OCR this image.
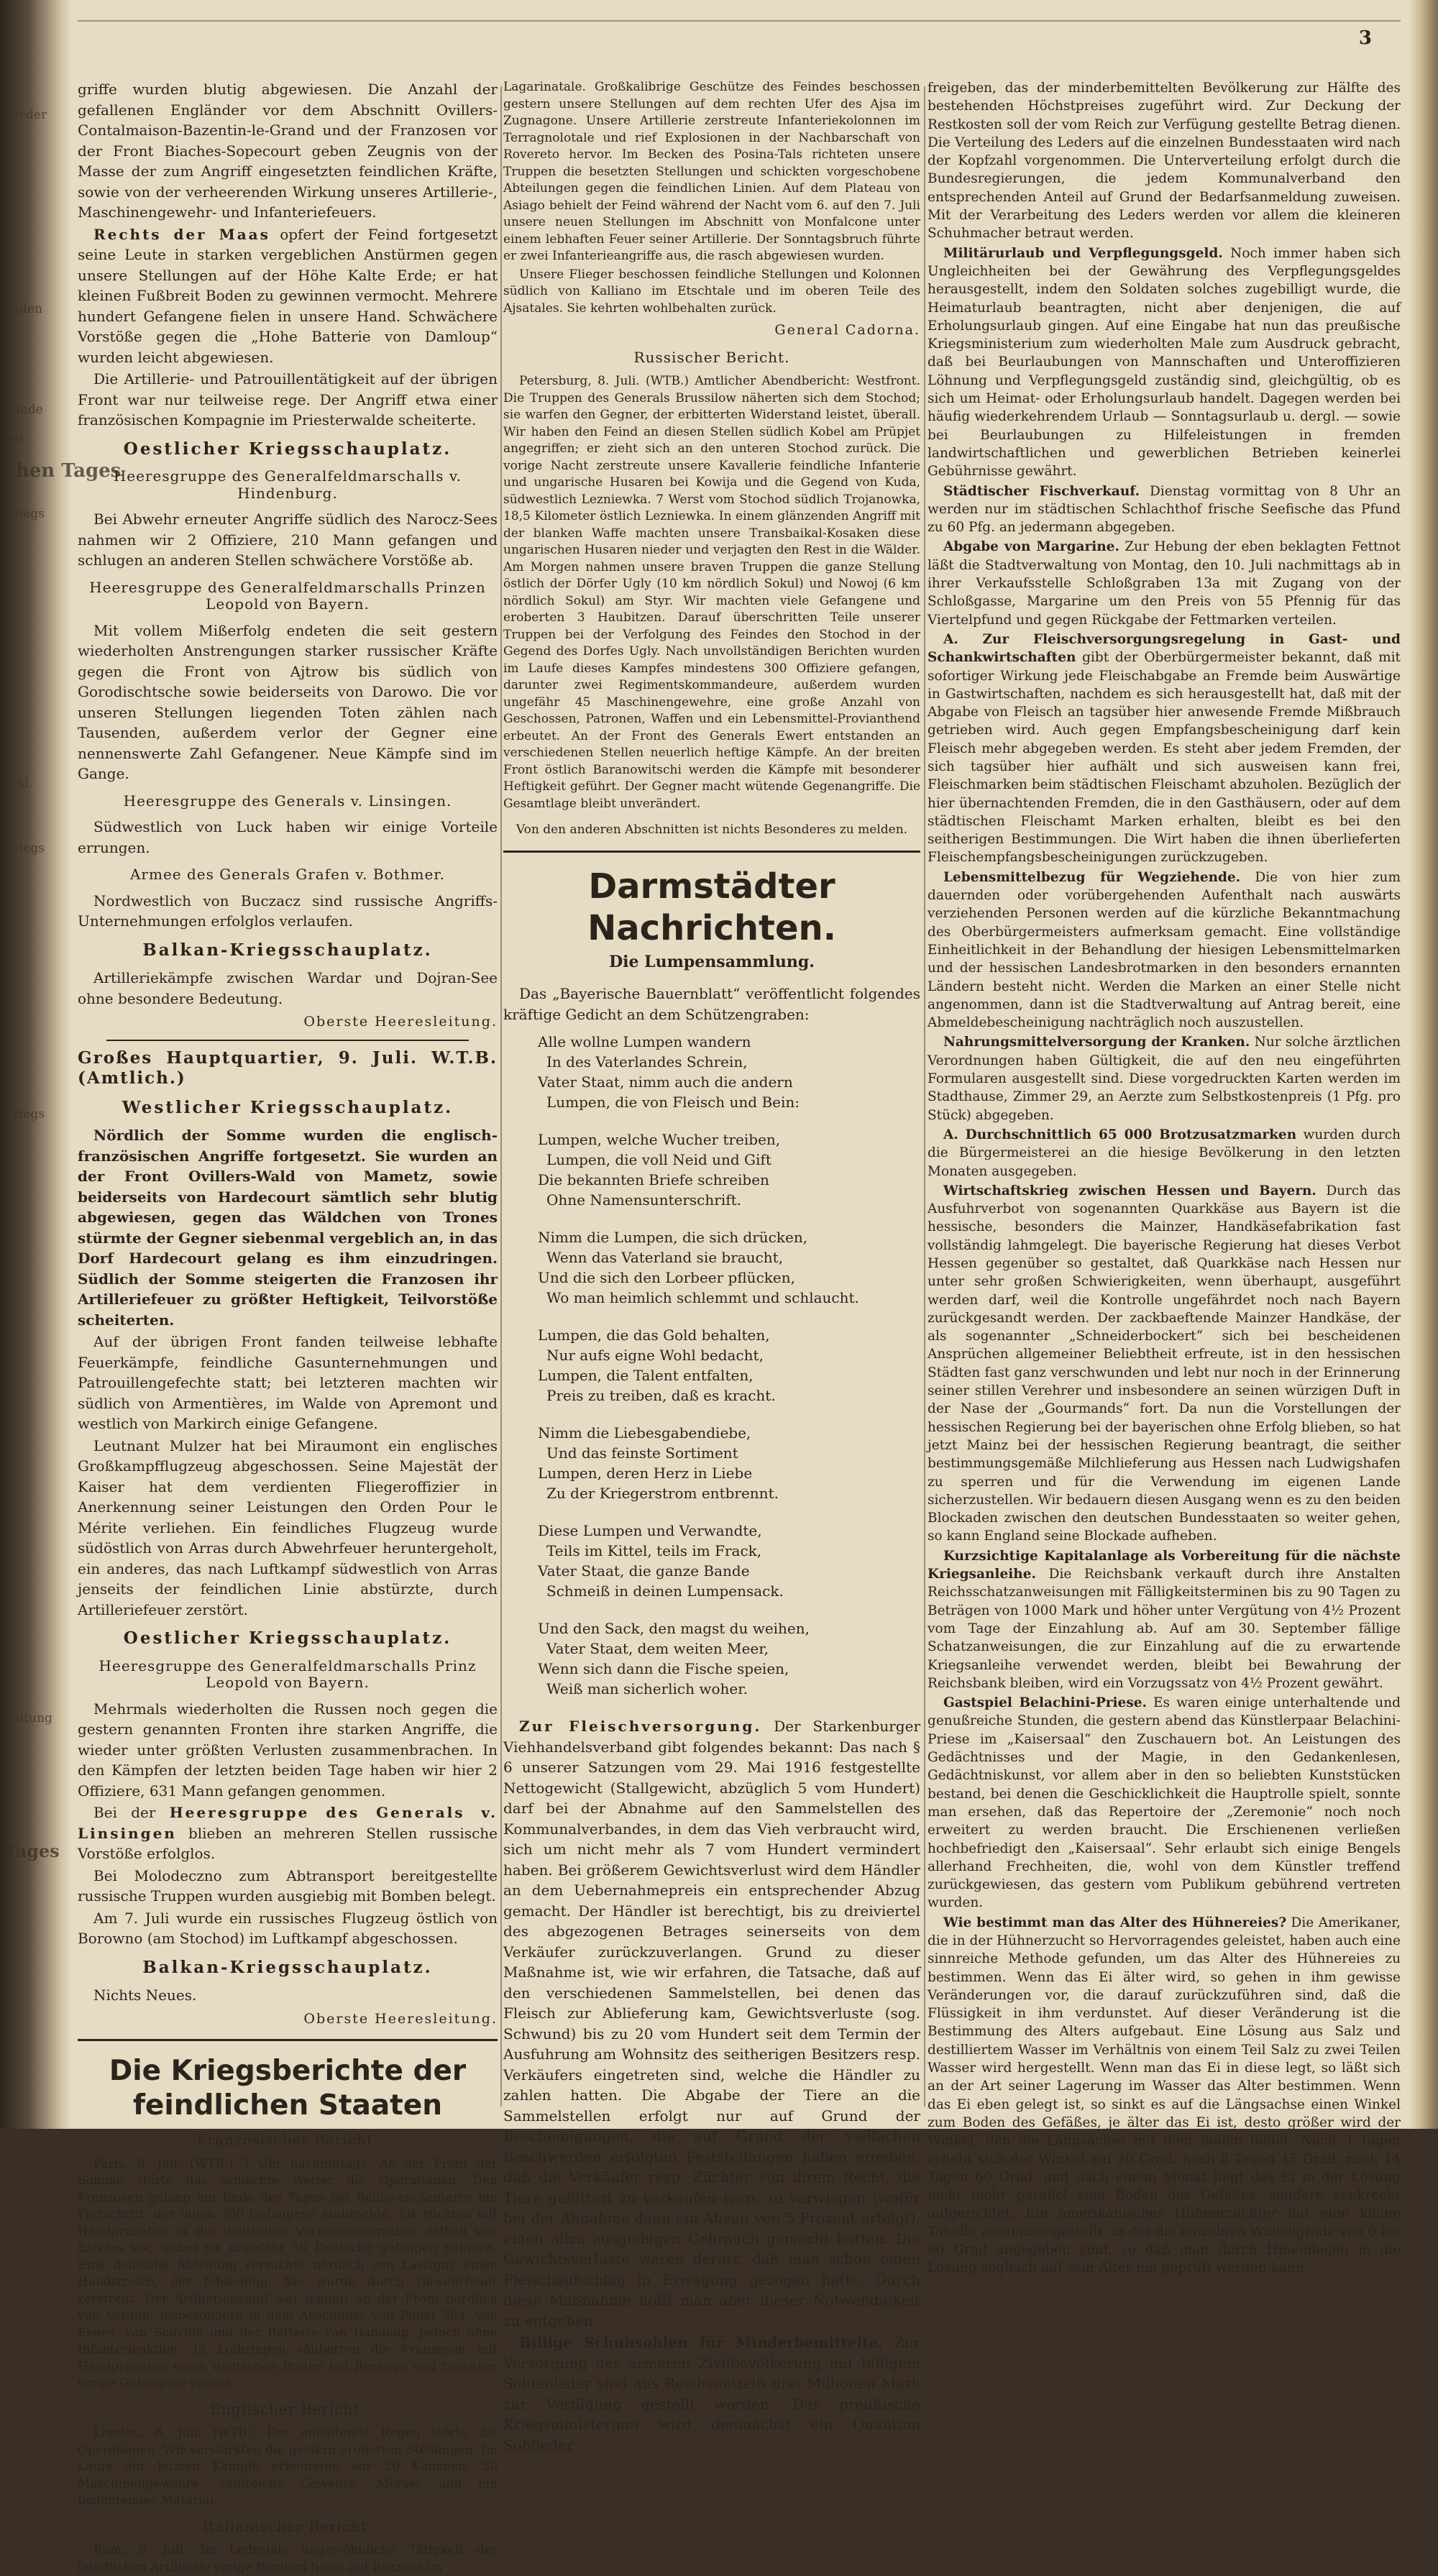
wieder
baden
feinde
bei
chen Tages
Kriegs
erkl.
Kriegs
Kriegs
Zeitung
Tages
3

griffe wurden blutig abgewiesen. Die Anzahl der gefallenen Engländer vor dem Abschnitt Ovillers-Contalmaison-Bazentin-le-Grand und der Franzosen vor der Front Biaches-Sopecourt geben Zeugnis von der Masse der zum Angriff eingesetzten feindlichen Kräfte, sowie von der verheerenden Wirkung unseres Artillerie-, Maschinengewehr- und Infanteriefeuers.

Rechts der Maas opfert der Feind fortgesetzt seine Leute in starken vergeblichen Anstürmen gegen unsere Stellungen auf der Höhe Kalte Erde; er hat kleinen Fußbreit Boden zu gewinnen vermocht. Mehrere hundert Gefangene fielen in unsere Hand. Schwächere Vorstöße gegen die „Hohe Batterie von Damloup“ wurden leicht abgewiesen.

Die Artillerie- und Patrouillentätigkeit auf der übrigen Front war nur teilweise rege. Der Angriff etwa einer französischen Kompagnie im Priesterwalde scheiterte.

Oestlicher Kriegsschauplatz.
Heeresgruppe des Generalfeldmarschalls v. Hindenburg.

Bei Abwehr erneuter Angriffe südlich des Narocz-Sees nahmen wir 2 Offiziere, 210 Mann gefangen und schlugen an anderen Stellen schwächere Vorstöße ab.

Heeresgruppe des Generalfeldmarschalls Prinzen Leopold von Bayern.

Mit vollem Mißerfolg endeten die seit gestern wiederholten Anstrengungen starker russischer Kräfte gegen die Front von Ajtrow bis südlich von Gorodischtsche sowie beiderseits von Darowo. Die vor unseren Stellungen liegenden Toten zählen nach Tausenden, außerdem verlor der Gegner eine nennenswerte Zahl Gefangener. Neue Kämpfe sind im Gange.

Heeresgruppe des Generals v. Linsingen.

Südwestlich von Luck haben wir einige Vorteile errungen.

Armee des Generals Grafen v. Bothmer.

Nordwestlich von Buczacz sind russische Angriffs-Unternehmungen erfolglos verlaufen.

Balkan-Kriegsschauplatz.

Artilleriekämpfe zwischen Wardar und Dojran-See ohne besondere Bedeutung.

Oberste Heeresleitung.
Großes Hauptquartier, 9. Juli. W.T.B. (Amtlich.)
Westlicher Kriegsschauplatz.

Nördlich der Somme wurden die englisch-französischen Angriffe fortgesetzt. Sie wurden an der Front Ovillers-Wald von Mametz, sowie beiderseits von Hardecourt sämtlich sehr blutig abgewiesen, gegen das Wäldchen von Trones stürmte der Gegner siebenmal vergeblich an, in das Dorf Hardecourt gelang es ihm einzudringen. Südlich der Somme steigerten die Franzosen ihr Artilleriefeuer zu größter Heftigkeit, Teilvorstöße scheiterten.

Auf der übrigen Front fanden teilweise lebhafte Feuerkämpfe, feindliche Gasunternehmungen und Patrouillengefechte statt; bei letzteren machten wir südlich von Armentières, im Walde von Apremont und westlich von Markirch einige Gefangene.

Leutnant Mulzer hat bei Miraumont ein englisches Großkampfflugzeug abgeschossen. Seine Majestät der Kaiser hat dem verdienten Fliegeroffizier in Anerkennung seiner Leistungen den Orden Pour le Mérite verliehen. Ein feindliches Flugzeug wurde südöstlich von Arras durch Abwehrfeuer heruntergeholt, ein anderes, das nach Luftkampf südwestlich von Arras jenseits der feindlichen Linie abstürzte, durch Artilleriefeuer zerstört.

Oestlicher Kriegsschauplatz.
Heeresgruppe des Generalfeldmarschalls Prinz Leopold von Bayern.

Mehrmals wiederholten die Russen noch gegen die gestern genannten Fronten ihre starken Angriffe, die wieder unter größten Verlusten zusammenbrachen. In den Kämpfen der letzten beiden Tage haben wir hier 2 Offiziere, 631 Mann gefangen genommen.

Bei der Heeresgruppe des Generals v. Linsingen blieben an mehreren Stellen russische Vorstöße erfolglos.

Bei Molodeczno zum Abtransport bereitgestellte russische Truppen wurden ausgiebig mit Bomben belegt.

Am 7. Juli wurde ein russisches Flugzeug östlich von Borowno (am Stochod) im Luftkampf abgeschossen.

Balkan-Kriegsschauplatz.

Nichts Neues.

Oberste Heeresleitung.
Die Kriegsberichte der feindlichen Staaten
Französischer Bericht.

Paris, 8. Juli. (WTB.) 3 Uhr nachmittags. An der Front der Somme störte das schlechte Wetter die Operationen. Den Franzosen gelang am Ende des Tages bei Belloy-en-Santerre ein Fortschritt, der ihnen 350 Gefangene einbrachte. Sie rückten mit Handgranaten in die deutschen Verbindungsgräben östlich von Estrées vor, wobei sie ungefähr 50 Deutsche gefangen nahmen. Eine deutsche Abteilung versuchte nördlich von Lassigny einen Handstreich, der fehlschlug. Sie wurde durch Gewehrfeuer zerstreut. Der Artilleriekampf war lebhaft an der Front nördlich von Verdun, insbesondere in dem Abschnitte von Punkt 304, von Esnes, von Souville und der Batterie von Damloup, jedoch ohne Infanterieaktion. In Lothringen säuberten die Franzosen mit Handgranaten einen deutschen Posten bei Bezange und brachten einige Gefangene zurück.

Englischer Bericht.

London, 8. Juli. (WTB.) Der anhaltende Regen störte die Operationen. Wir verstärkten die gestern eroberten Stellungen. Im Laufe der letzten Kämpfe erbeuteten wir 20 Kanonen, 50 Maschinengewehre, zahlreiche Gewehre, Mörser und ein bedeutendes Material.

Italienischer Bericht.

Rom, 8. Juli. Im Ledrotale ungewöhnliche Tätigkeit der feindlichen Artillerie; einige Bomben fielen auf Bezzeca im

Lagarinatale. Großkalibrige Geschütze des Feindes beschossen gestern unsere Stellungen auf dem rechten Ufer des Ajsa im Zugnagone. Unsere Artillerie zerstreute Infanteriekolonnen im Terragnolotale und rief Explosionen in der Nachbarschaft von Rovereto hervor. Im Becken des Posina-Tals richteten unsere Truppen die besetzten Stellungen und schickten vorgeschobene Abteilungen gegen die feindlichen Linien. Auf dem Plateau von Asiago behielt der Feind während der Nacht vom 6. auf den 7. Juli unsere neuen Stellungen im Abschnitt von Monfalcone unter einem lebhaften Feuer seiner Artillerie. Der Sonntagsbruch führte er zwei Infanterieangriffe aus, die rasch abgewiesen wurden.

Unsere Flieger beschossen feindliche Stellungen und Kolonnen südlich von Kalliano im Etschtale und im oberen Teile des Ajsatales. Sie kehrten wohlbehalten zurück.

General Cadorna.
Russischer Bericht.

Petersburg, 8. Juli. (WTB.) Amtlicher Abendbericht: Westfront. Die Truppen des Generals Brussilow näherten sich dem Stochod; sie warfen den Gegner, der erbitterten Widerstand leistet, überall. Wir haben den Feind an diesen Stellen südlich Kobel am Prüpjet angegriffen; er zieht sich an den unteren Stochod zurück. Die vorige Nacht zerstreute unsere Kavallerie feindliche Infanterie und ungarische Husaren bei Kowija und die Gegend von Kuda, südwestlich Lezniewka. 7 Werst vom Stochod südlich Trojanowka, 18,5 Kilometer östlich Lezniewka. In einem glänzenden Angriff mit der blanken Waffe machten unsere Transbaikal-Kosaken diese ungarischen Husaren nieder und verjagten den Rest in die Wälder. Am Morgen nahmen unsere braven Truppen die ganze Stellung östlich der Dörfer Ugly (10 km nördlich Sokul) und Nowoj (6 km nördlich Sokul) am Styr. Wir machten viele Gefangene und eroberten 3 Haubitzen. Darauf überschritten Teile unserer Truppen bei der Verfolgung des Feindes den Stochod in der Gegend des Dorfes Ugly. Nach unvollständigen Berichten wurden im Laufe dieses Kampfes mindestens 300 Offiziere gefangen, darunter zwei Regimentskommandeure, außerdem wurden ungefähr 45 Maschinengewehre, eine große Anzahl von Geschossen, Patronen, Waffen und ein Lebensmittel-Provianthend erbeutet. An der Front des Generals Ewert entstanden an verschiedenen Stellen neuerlich heftige Kämpfe. An der breiten Front östlich Baranowitschi werden die Kämpfe mit besonderer Heftigkeit geführt. Der Gegner macht wütende Gegenangriffe. Die Gesamtlage bleibt unverändert.

Von den anderen Abschnitten ist nichts Besonderes zu melden.
Darmstädter Nachrichten.
Die Lumpensammlung.

Das „Bayerische Bauernblatt“ veröffentlicht folgendes kräftige Gedicht an dem Schützengraben:

Alle wollne Lumpen wandern
In des Vaterlandes Schrein,
Vater Staat, nimm auch die andern
Lumpen, die von Fleisch und Bein:
Lumpen, welche Wucher treiben,
Lumpen, die voll Neid und Gift
Die bekannten Briefe schreiben
Ohne Namensunterschrift.
Nimm die Lumpen, die sich drücken,
Wenn das Vaterland sie braucht,
Und die sich den Lorbeer pflücken,
Wo man heimlich schlemmt und schlaucht.
Lumpen, die das Gold behalten,
Nur aufs eigne Wohl bedacht,
Lumpen, die Talent entfalten,
Preis zu treiben, daß es kracht.
Nimm die Liebesgabendiebe,
Und das feinste Sortiment
Lumpen, deren Herz in Liebe
Zu der Kriegerstrom entbrennt.
Diese Lumpen und Verwandte,
Teils im Kittel, teils im Frack,
Vater Staat, die ganze Bande
Schmeiß in deinen Lumpensack.
Und den Sack, den magst du weihen,
Vater Staat, dem weiten Meer,
Wenn sich dann die Fische speien,
Weiß man sicherlich woher.

Zur Fleischversorgung. Der Starkenburger Viehhandelsverband gibt folgendes bekannt: Das nach § 6 unserer Satzungen vom 29. Mai 1916 festgestellte Nettogewicht (Stallgewicht, abzüglich 5 vom Hundert) darf bei der Abnahme auf den Sammelstellen des Kommunalverbandes, in dem das Vieh verbraucht wird, sich um nicht mehr als 7 vom Hundert vermindert haben. Bei größerem Gewichtsverlust wird dem Händler an dem Uebernahmepreis ein entsprechender Abzug gemacht. Der Händler ist berechtigt, bis zu dreiviertel des abgezogenen Betrages seinerseits von dem Verkäufer zurückzuverlangen. Grund zu dieser Maßnahme ist, wie wir erfahren, die Tatsache, daß auf den verschiedenen Sammelstellen, bei denen das Fleisch zur Ablieferung kam, Gewichtsverluste (sog. Schwund) bis zu 20 vom Hundert seit dem Termin der Ausfuhrung am Wohnsitz des seitherigen Besitzers resp. Verkäufers eingetreten sind, welche die Händler zu zahlen hatten. Die Abgabe der Tiere an die Sammelstellen erfolgt nur auf Grund der Bescheinigungen, die auf Grund der vielfachen Beschwerden erfolgten Feststellungen haben ergeben, daß die Verkäufer resp. Züchter von ihrem Recht, die Tiere gefüttert zu verkaufen resp. zu verwiegen (wofür bei der Abnahme dann ein Abzug von 5 Prozent erfolgt), einen allzu ausgiebigen Gebrauch gemacht hatten. Die Gewichtsverluste waren derart, daß man schon einen Fleischaufschlag in Erwägung gezogen hatte. Durch diese Maßnahme hofft man aber dieser Notwendigkeit zu entgehen.

Billige Schuhsohlen für Minderbemittelte. Zur Versorgung der ärmeren Zivilbevölkerung mit billigem Sohlenleder sind aus Reichsmitteln drei Millionen Mark zur Verfügung gestellt worden. Das preußische Kriegsministerium wird demnächst ein Quantum Sohlleder

freigeben, das der minderbemittelten Bevölkerung zur Hälfte des bestehenden Höchstpreises zugeführt wird. Zur Deckung der Restkosten soll der vom Reich zur Verfügung gestellte Betrag dienen. Die Verteilung des Leders auf die einzelnen Bundesstaaten wird nach der Kopfzahl vorgenommen. Die Unterverteilung erfolgt durch die Bundesregierungen, die jedem Kommunalverband den entsprechenden Anteil auf Grund der Bedarfsanmeldung zuweisen. Mit der Verarbeitung des Leders werden vor allem die kleineren Schuhmacher betraut werden.

Militärurlaub und Verpflegungsgeld. Noch immer haben sich Ungleichheiten bei der Gewährung des Verpflegungsgeldes herausgestellt, indem den Soldaten solches zugebilligt wurde, die Heimaturlaub beantragten, nicht aber denjenigen, die auf Erholungsurlaub gingen. Auf eine Eingabe hat nun das preußische Kriegsministerium zum wiederholten Male zum Ausdruck gebracht, daß bei Beurlaubungen von Mannschaften und Unteroffizieren Löhnung und Verpflegungsgeld zuständig sind, gleichgültig, ob es sich um Heimat- oder Erholungsurlaub handelt. Dagegen werden bei häufig wiederkehrendem Urlaub — Sonntagsurlaub u. dergl. — sowie bei Beurlaubungen zu Hilfeleistungen in fremden landwirtschaftlichen und gewerblichen Betrieben keinerlei Gebührnisse gewährt.

Städtischer Fischverkauf. Dienstag vormittag von 8 Uhr an werden nur im städtischen Schlachthof frische Seefische das Pfund zu 60 Pfg. an jedermann abgegeben.

Abgabe von Margarine. Zur Hebung der eben beklagten Fettnot läßt die Stadtverwaltung von Montag, den 10. Juli nachmittags ab in ihrer Verkaufsstelle Schloßgraben 13a mit Zugang von der Schloßgasse, Margarine um den Preis von 55 Pfennig für das Viertelpfund und gegen Rückgabe der Fettmarken verteilen.

A. Zur Fleischversorgungsregelung in Gast- und Schankwirtschaften gibt der Oberbürgermeister bekannt, daß mit sofortiger Wirkung jede Fleischabgabe an Fremde beim Auswärtige in Gastwirtschaften, nachdem es sich herausgestellt hat, daß mit der Abgabe von Fleisch an tagsüber hier anwesende Fremde Mißbrauch getrieben wird. Auch gegen Empfangsbescheinigung darf kein Fleisch mehr abgegeben werden. Es steht aber jedem Fremden, der sich tagsüber hier aufhält und sich ausweisen kann frei, Fleischmarken beim städtischen Fleischamt abzuholen. Bezüglich der hier übernachtenden Fremden, die in den Gasthäusern, oder auf dem städtischen Fleischamt Marken erhalten, bleibt es bei den seitherigen Bestimmungen. Die Wirt haben die ihnen überlieferten Fleischempfangsbescheinigungen zurückzugeben.

Lebensmittelbezug für Wegziehende. Die von hier zum dauernden oder vorübergehenden Aufenthalt nach auswärts verziehenden Personen werden auf die kürzliche Bekanntmachung des Oberbürgermeisters aufmerksam gemacht. Eine vollständige Einheitlichkeit in der Behandlung der hiesigen Lebensmittelmarken und der hessischen Landesbrotmarken in den besonders ernannten Ländern besteht nicht. Werden die Marken an einer Stelle nicht angenommen, dann ist die Stadtverwaltung auf Antrag bereit, eine Abmeldebescheinigung nachträglich noch auszustellen.

Nahrungsmittelversorgung der Kranken. Nur solche ärztlichen Verordnungen haben Gültigkeit, die auf den neu eingeführten Formularen ausgestellt sind. Diese vorgedruckten Karten werden im Stadthause, Zimmer 29, an Aerzte zum Selbstkostenpreis (1 Pfg. pro Stück) abgegeben.

A. Durchschnittlich 65 000 Brotzusatzmarken wurden durch die Bürgermeisterei an die hiesige Bevölkerung in den letzten Monaten ausgegeben.

Wirtschaftskrieg zwischen Hessen und Bayern. Durch das Ausfuhrverbot von sogenannten Quarkkäse aus Bayern ist die hessische, besonders die Mainzer, Handkäsefabrikation fast vollständig lahmgelegt. Die bayerische Regierung hat dieses Verbot Hessen gegenüber so gestaltet, daß Quarkkäse nach Hessen nur unter sehr großen Schwierigkeiten, wenn überhaupt, ausgeführt werden darf, weil die Kontrolle ungefährdet noch nach Bayern zurückgesandt werden. Der zackbaeftende Mainzer Handkäse, der als sogenannter „Schneiderbockert“ sich bei bescheidenen Ansprüchen allgemeiner Beliebtheit erfreute, ist in den hessischen Städten fast ganz verschwunden und lebt nur noch in der Erinnerung seiner stillen Verehrer und insbesondere an seinen würzigen Duft in der Nase der „Gourmands“ fort. Da nun die Vorstellungen der hessischen Regierung bei der bayerischen ohne Erfolg blieben, so hat jetzt Mainz bei der hessischen Regierung beantragt, die seither bestimmungsgemäße Milchlieferung aus Hessen nach Ludwigshafen zu sperren und für die Verwendung im eigenen Lande sicherzustellen. Wir bedauern diesen Ausgang wenn es zu den beiden Blockaden zwischen den deutschen Bundesstaaten so weiter gehen, so kann England seine Blockade aufheben.

Kurzsichtige Kapitalanlage als Vorbereitung für die nächste Kriegsanleihe. Die Reichsbank verkauft durch ihre Anstalten Reichsschatzanweisungen mit Fälligkeitsterminen bis zu 90 Tagen zu Beträgen von 1000 Mark und höher unter Vergütung von 4½ Prozent vom Tage der Einzahlung ab. Auf am 30. September fällige Schatzanweisungen, die zur Einzahlung auf die zu erwartende Kriegsanleihe verwendet werden, bleibt bei Bewahrung der Reichsbank bleiben, wird ein Vorzugssatz von 4½ Prozent gewährt.

Gastspiel Belachini-Priese. Es waren einige unterhaltende und genußreiche Stunden, die gestern abend das Künstlerpaar Belachini-Priese im „Kaisersaal“ den Zuschauern bot. An Leistungen des Gedächtnisses und der Magie, in den Gedankenlesen, Gedächtniskunst, vor allem aber in den so beliebten Kunststücken bestand, bei denen die Geschicklichkeit die Hauptrolle spielt, sonnte man ersehen, daß das Repertoire der „Zeremonie“ noch noch erweitert zu werden braucht. Die Erschienenen verließen hochbefriedigt den „Kaisersaal“. Sehr erlaubt sich einige Bengels allerhand Frechheiten, die, wohl von dem Künstler treffend zurückgewiesen, das gestern vom Publikum gebührend vertreten wurden.

Wie bestimmt man das Alter des Hühnereies? Die Amerikaner, die in der Hühnerzucht so Hervorragendes geleistet, haben auch eine sinnreiche Methode gefunden, um das Alter des Hühnereies zu bestimmen. Wenn das Ei älter wird, so gehen in ihm gewisse Veränderungen vor, die darauf zurückzuführen sind, daß die Flüssigkeit in ihm verdunstet. Auf dieser Veränderung ist die Bestimmung des Alters aufgebaut. Eine Lösung aus Salz und destilliertem Wasser im Verhältnis von einem Teil Salz zu zwei Teilen Wasser wird hergestellt. Wenn man das Ei in diese legt, so läßt sich an der Art seiner Lagerung im Wasser das Alter bestimmen. Wenn das Ei eben gelegt ist, so sinkt es auf die Längsachse einen Winkel zum Boden des Gefäßes, je älter das Ei ist, desto größer wird der Winkel, den die Längsachse mit dem Boden bildet. Nach 3 Tagen erhebt sich der Winkel auf 20 Grad, nach 8 Tagen 45 Grad, nach 14 Tagen 60 Grad, und nach einem Monat liegt das Ei in der Lösung nicht mehr parallel zum Boden des Gefäßes, sondern senkrecht aufgerichtet. Ein amerikanischer Hühnerzüchter hat eine kleine Tabelle zusammengestellt, in der die einzelnen Winkelgrade von 0 bis 90 Grad angegeben sind, so daß man durch Hineinlegen in die Lösung sogleich auf sein Alter hin geprüft werden kann.
